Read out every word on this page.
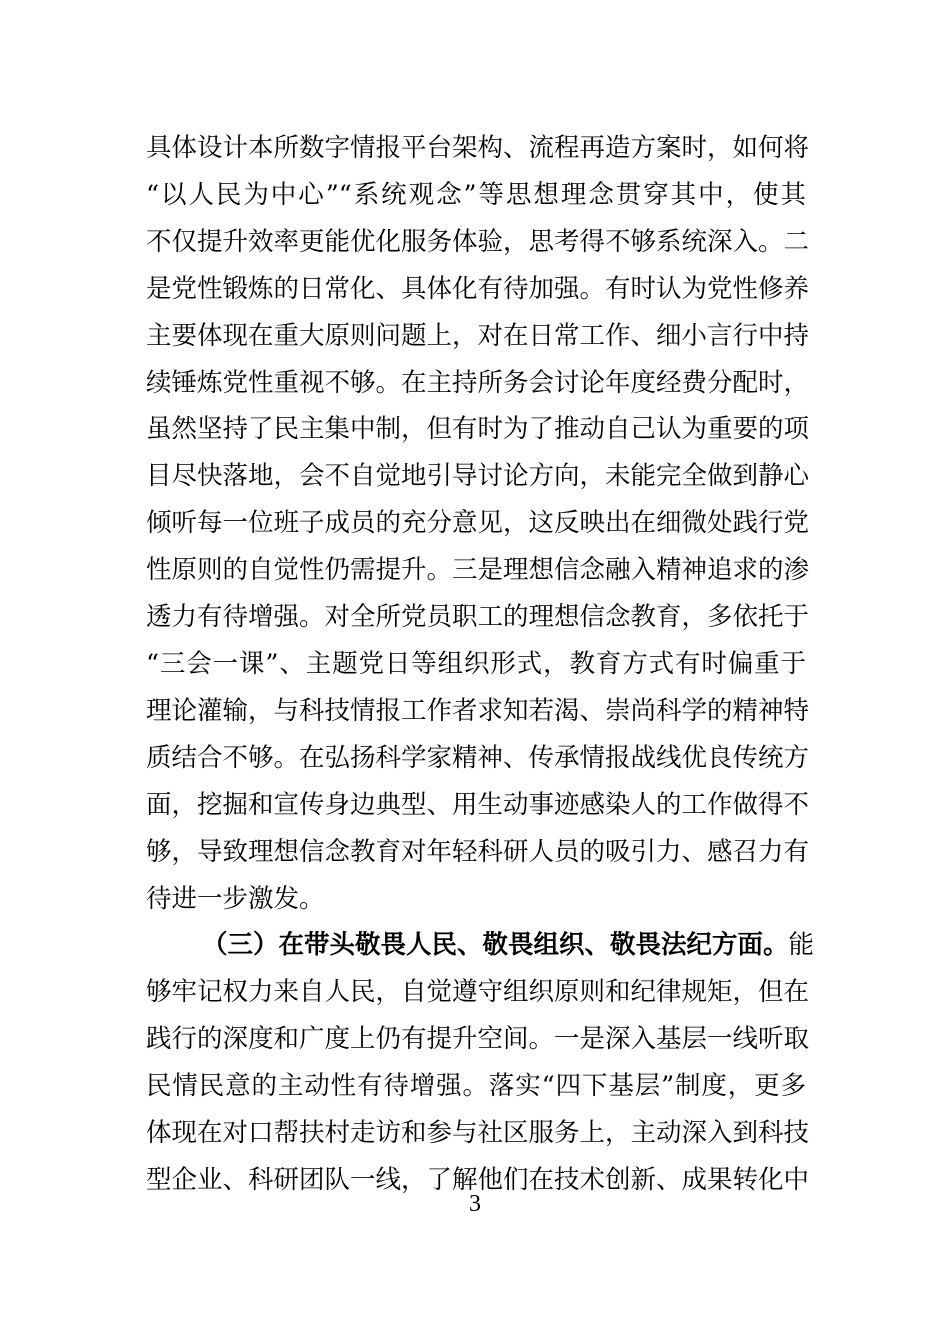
具体设计本所数字情报平台架构、流程再造方案时，如何将
“以人民为中心”“系统观念”等思想理念贯穿其中，使其
不仅提升效率更能优化服务体验，思考得不够系统深入。二
是党性锻炼的日常化、具体化有待加强。有时认为党性修养
主要体现在重大原则问题上，对在日常工作、细小言行中持
续锤炼党性重视不够。在主持所务会讨论年度经费分配时，
虽然坚持了民主集中制，但有时为了推动自己认为重要的项
目尽快落地，会不自觉地引导讨论方向，未能完全做到静心
倾听每一位班子成员的充分意见，这反映出在细微处践行党
性原则的自觉性仍需提升。三是理想信念融入精神追求的渗
透力有待增强。对全所党员职工的理想信念教育，多依托于
“三会一课”、主题党日等组织形式，教育方式有时偏重于
理论灌输，与科技情报工作者求知若渴、崇尚科学的精神特
质结合不够。在弘扬科学家精神、传承情报战线优良传统方
面，挖掘和宣传身边典型、用生动事迹感染人的工作做得不
够，导致理想信念教育对年轻科研人员的吸引力、感召力有
待进一步激发。
（三）在带头敬畏人民、敬畏组织、敬畏法纪方面。能
够牢记权力来自人民，自觉遵守组织原则和纪律规矩，但在
践行的深度和广度上仍有提升空间。一是深入基层一线听取
民情民意的主动性有待增强。落实“四下基层”制度，更多
体现在对口帮扶村走访和参与社区服务上，主动深入到科技
型企业、科研团队一线，了解他们在技术创新、成果转化中
3
